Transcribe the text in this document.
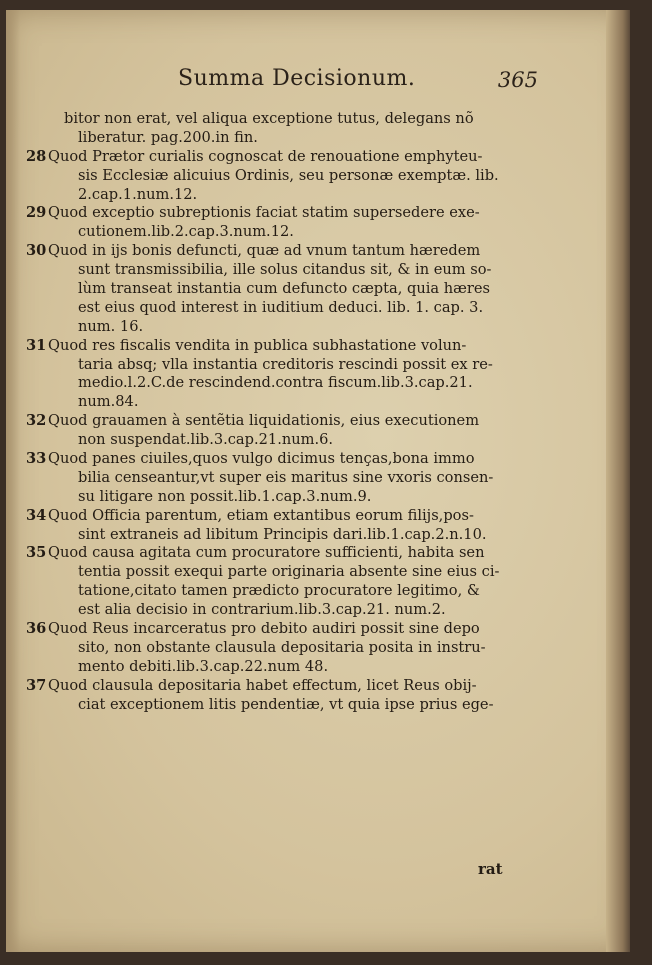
Summa Decisionum.	365
bitor non erat, vel aliqua exceptione tutus, delegans nõ
liberatur. pag.200.in fin.
28 Quod Prætor curialis cognoscat de renouatione emphyteu-
sis Ecclesiæ alicuius Ordinis, seu personæ exemptæ. lib.
2.cap.1.num.12.
29 Quod exceptio subreptionis faciat statim supersedere exe-
cutionem.lib.2.cap.3.num.12.
30 Quod in ijs bonis defuncti, quæ ad vnum tantum hæredem
sunt transmissibilia, ille solus citandus sit, & in eum so-
lùm transeat instantia cum defuncto cæpta, quia hæres
est eius quod interest in iuditium deduci. lib. 1. cap. 3.
num. 16.
31 Quod res fiscalis vendita in publica subhastatione volun-
taria absq; vlla instantia creditoris rescindi possit ex re-
medio.l.2.C.de rescindend.contra fiscum.lib.3.cap.21.
num.84.
32 Quod grauamen à sentẽtia liquidationis, eius executionem
non suspendat.lib.3.cap.21.num.6.
33 Quod panes ciuiles,quos vulgo dicimus tenças,bona immo
bilia censeantur,vt super eis maritus sine vxoris consen-
su litigare non possit.lib.1.cap.3.num.9.
34 Quod Officia parentum, etiam extantibus eorum filijs,pos-
sint extraneis ad libitum Principis dari.lib.1.cap.2.n.10.
35 Quod causa agitata cum procuratore sufficienti, habita sen
tentia possit exequi parte originaria absente sine eius ci-
tatione,citato tamen prædicto procuratore legitimo, &
est alia decisio in contrarium.lib.3.cap.21. num.2.
36 Quod Reus incarceratus pro debito audiri possit sine depo
sito, non obstante clausula depositaria posita in instru-
mento debiti.lib.3.cap.22.num 48.
37 Quod clausula depositaria habet effectum, licet Reus obij-
ciat exceptionem litis pendentiæ, vt quia ipse prius ege-
rat
